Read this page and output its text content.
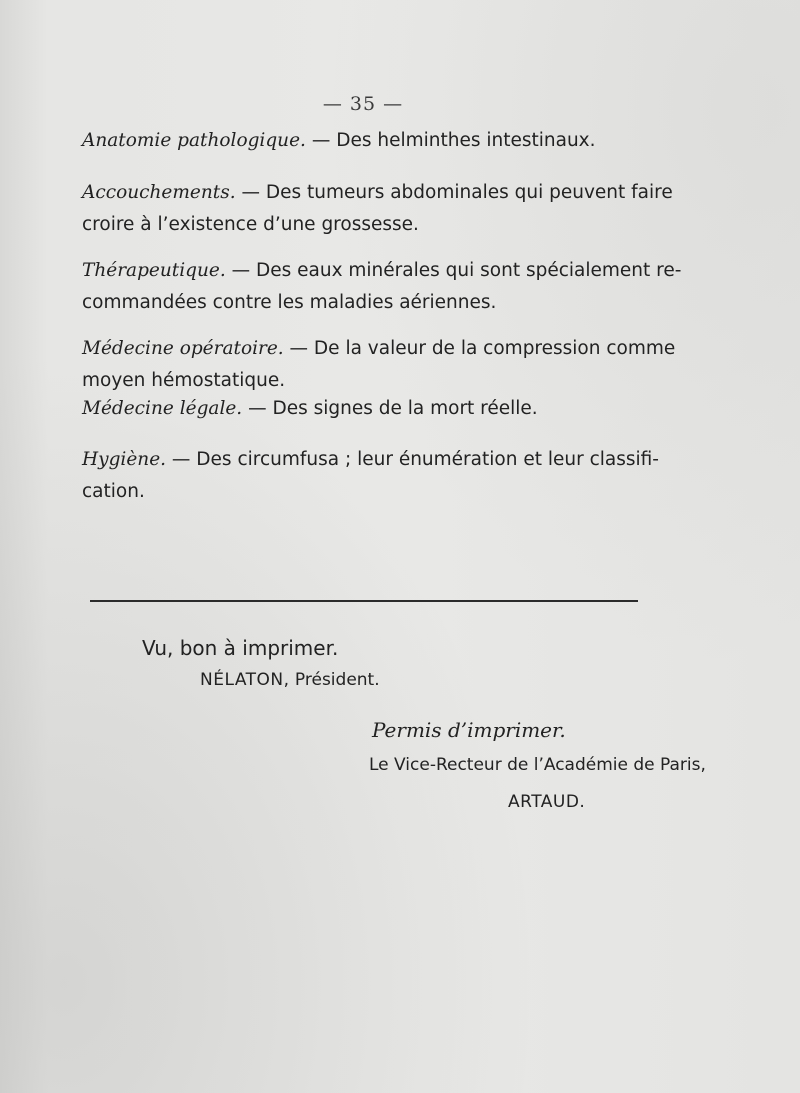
— 35 —
Anatomie pathologique. — Des helminthes intestinaux.
Accouchements. — Des tumeurs abdominales qui peuvent faire croire à l’existence d’une grossesse.
Thérapeutique. — Des eaux minérales qui sont spécialement re-commandées contre les maladies aériennes.
Médecine opératoire. — De la valeur de la compression comme moyen hémostatique.
Médecine légale. — Des signes de la mort réelle.
Hygiène. — Des circumfusa ; leur énumération et leur classifi-cation.
Vu, bon à imprimer.
NÉLATON, Président.
Permis d’imprimer.
Le Vice-Recteur de l’Académie de Paris,
ARTAUD.
